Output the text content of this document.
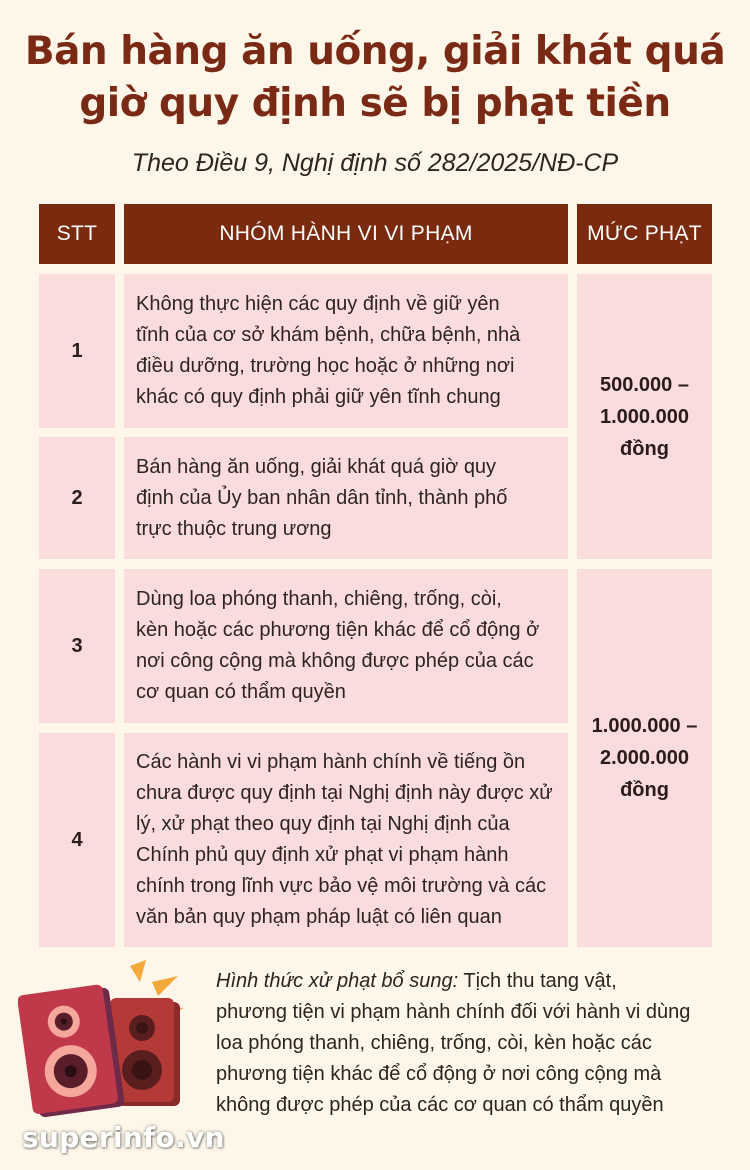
Bán hàng ăn uống, giải khát quá
giờ quy định sẽ bị phạt tiền
Theo Điều 9, Nghị định số 282/2025/NĐ-CP
STT	NHÓM HÀNH VI VI PHẠM	MỨC PHẠT
1
Không thực hiện các quy định về giữ yên
tĩnh của cơ sở khám bệnh, chữa bệnh, nhà
điều dưỡng, trường học hoặc ở những nơi
khác có quy định phải giữ yên tĩnh chung
2
Bán hàng ăn uống, giải khát quá giờ quy
định của Ủy ban nhân dân tỉnh, thành phố
trực thuộc trung ương
500.000 –
1.000.000
đồng
3
Dùng loa phóng thanh, chiêng, trống, còi,
kèn hoặc các phương tiện khác để cổ động ở
nơi công cộng mà không được phép của các
cơ quan có thẩm quyền
4
Các hành vi vi phạm hành chính về tiếng ồn
chưa được quy định tại Nghị định này được xử
lý, xử phạt theo quy định tại Nghị định của
Chính phủ quy định xử phạt vi phạm hành
chính trong lĩnh vực bảo vệ môi trường và các
văn bản quy phạm pháp luật có liên quan
1.000.000 –
2.000.000
đồng
Hình thức xử phạt bổ sung: Tịch thu tang vật,
phương tiện vi phạm hành chính đối với hành vi dùng
loa phóng thanh, chiêng, trống, còi, kèn hoặc các
phương tiện khác để cổ động ở nơi công cộng mà
không được phép của các cơ quan có thẩm quyền
superinfo.vn
